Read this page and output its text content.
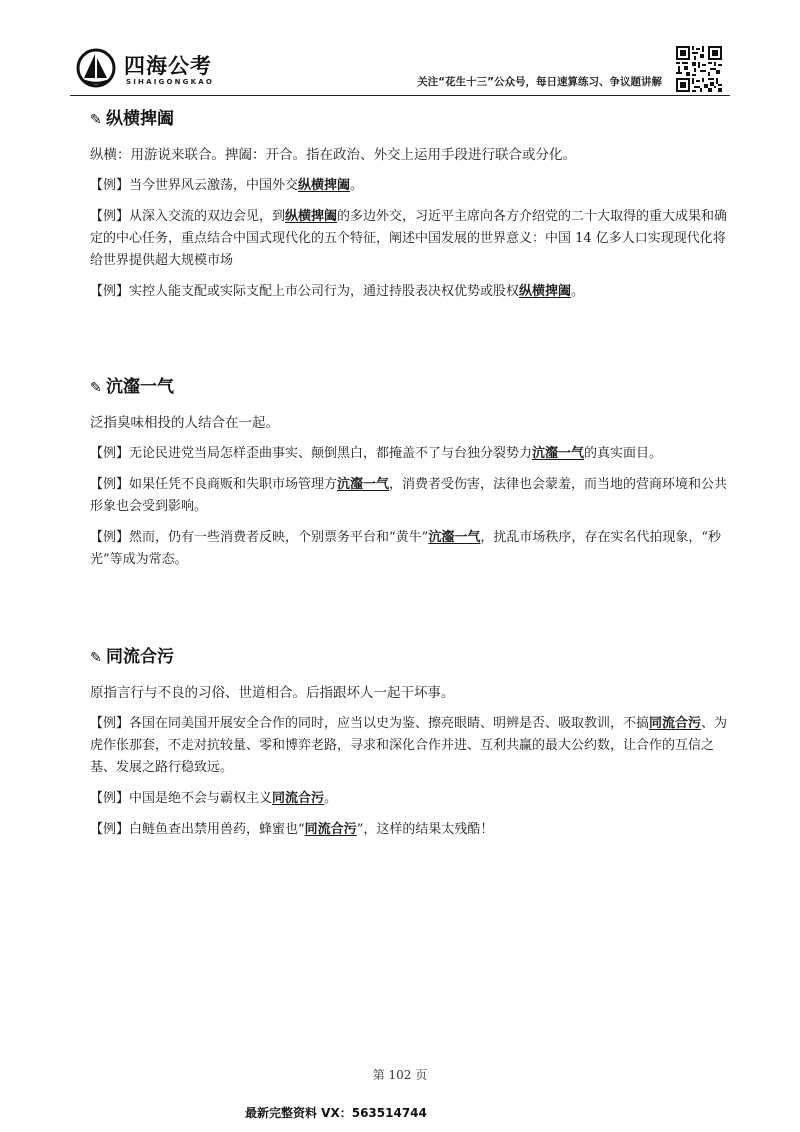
四海公考
SIHAIGONGKAO	关注“花生十三”公众号，每日速算练习、争议题讲解
✎ 纵横捭阖
纵横：用游说来联合。捭阖：开合。指在政治、外交上运用手段进行联合或分化。
【例】当今世界风云激荡，中国外交纵横捭阖。
【例】从深入交流的双边会见，到纵横捭阖的多边外交，习近平主席向各方介绍党的二十大取得的重大成果和确定的中心任务，重点结合中国式现代化的五个特征，阐述中国发展的世界意义：中国 14 亿多人口实现现代化将给世界提供超大规模市场
【例】实控人能支配或实际支配上市公司行为，通过持股表决权优势或股权纵横捭阖。
✎ 沆瀣一气
泛指臭味相投的人结合在一起。
【例】无论民进党当局怎样歪曲事实、颠倒黑白，都掩盖不了与台独分裂势力沆瀣一气的真实面目。
【例】如果任凭不良商贩和失职市场管理方沆瀣一气，消费者受伤害，法律也会蒙羞，而当地的营商环境和公共形象也会受到影响。
【例】然而，仍有一些消费者反映，个别票务平台和“黄牛”沆瀣一气，扰乱市场秩序，存在实名代拍现象，“秒光”等成为常态。
✎ 同流合污
原指言行与不良的习俗、世道相合。后指跟坏人一起干坏事。
【例】各国在同美国开展安全合作的同时，应当以史为鉴、擦亮眼睛、明辨是否、吸取教训，不搞同流合污、为虎作伥那套，不走对抗较量、零和博弈老路，寻求和深化合作并进、互利共赢的最大公约数，让合作的互信之基、发展之路行稳致远。
【例】中国是绝不会与霸权主义同流合污。
【例】白鲢鱼查出禁用兽药，蜂蜜也“同流合污”，这样的结果太残酷！
第 102 页
最新完整资料 VX：563514744
